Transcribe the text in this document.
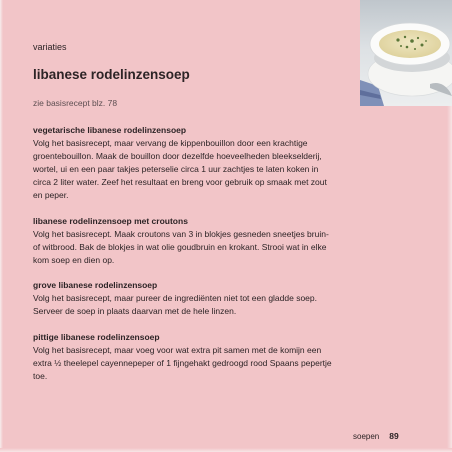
variaties
libanese rodelinzensoep
zie basisrecept blz. 78
vegetarische libanese rodelinzensoep
Volg het basisrecept, maar vervang de kippenbouillon door een krachtige
groentebouillon. Maak de bouillon door dezelfde hoeveelheden bleekselderij,
wortel, ui en een paar takjes peterselie circa 1 uur zachtjes te laten koken in
circa 2 liter water. Zeef het resultaat en breng voor gebruik op smaak met zout
en peper.
libanese rodelinzensoep met croutons
Volg het basisrecept. Maak croutons van 3 in blokjes gesneden sneetjes bruin-
of witbrood. Bak de blokjes in wat olie goudbruin en krokant. Strooi wat in elke
kom soep en dien op.
grove libanese rodelinzensoep
Volg het basisrecept, maar pureer de ingrediënten niet tot een gladde soep.
Serveer de soep in plaats daarvan met de hele linzen.
pittige libanese rodelinzensoep
Volg het basisrecept, maar voeg voor wat extra pit samen met de komijn een
extra ½ theelepel cayennepeper of 1 fijngehakt gedroogd rood Spaans pepertje
toe.
soepen 89
